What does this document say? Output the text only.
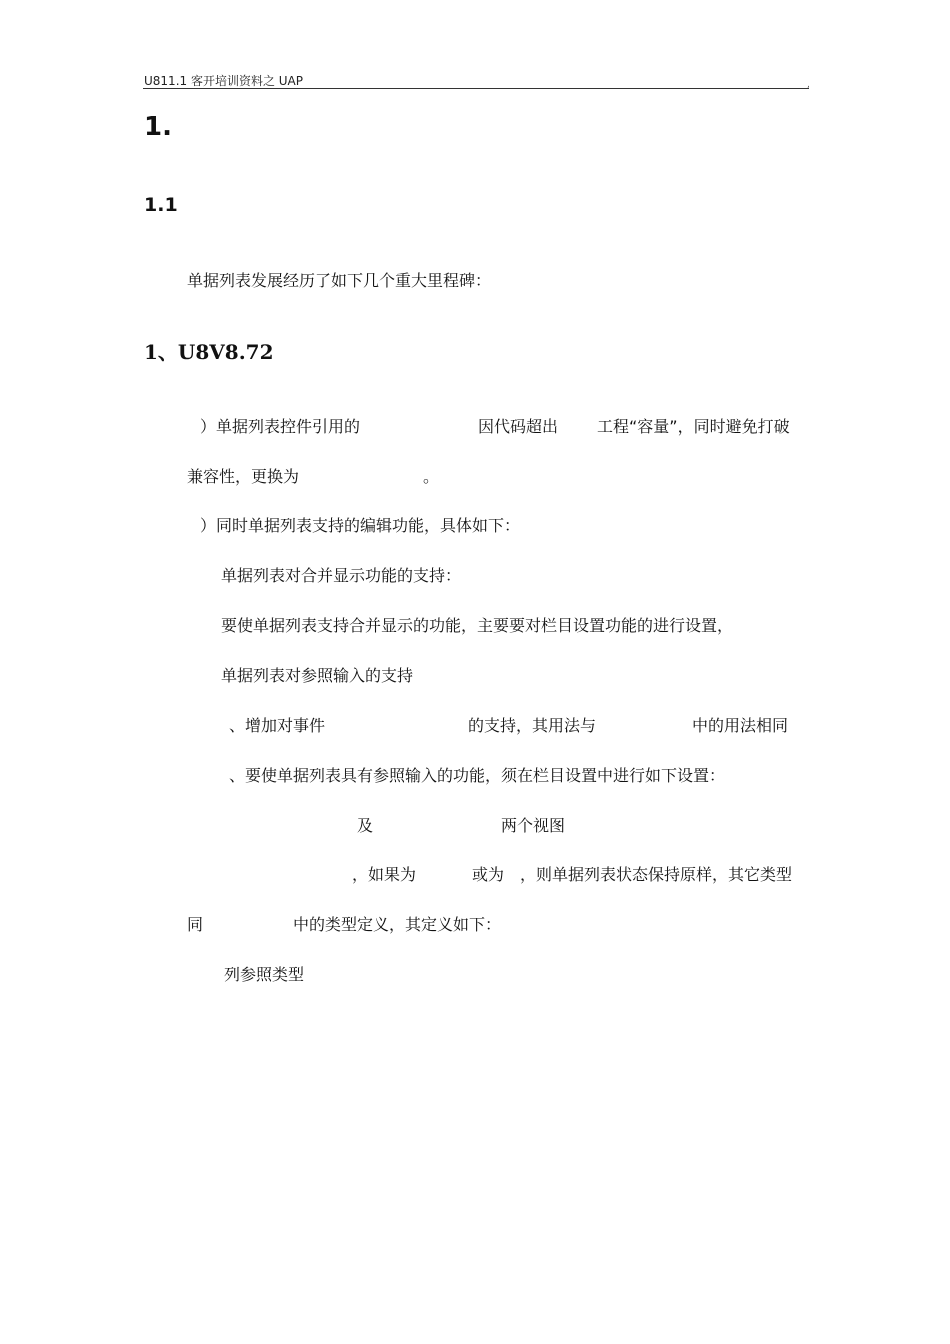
U811.1 客开培训资料之 UAP	,
1.
1.1
单据列表发展经历了如下几个重大里程碑：
1、U8V8.72
）单据列表控件引用的	因代码超出 工程“容量”，同时避免打破
兼容性，更换为	。
）同时单据列表支持的编辑功能，具体如下：
单据列表对合并显示功能的支持：
要使单据列表支持合并显示的功能，主要要对栏目设置功能的进行设置，
单据列表对参照输入的支持
、增加对事件	的支持，其用法与	中的用法相同
、要使单据列表具有参照输入的功能，须在栏目设置中进行如下设置：
及	两个视图
，如果为	或为 ，则单据列表状态保持原样，其它类型
同	中的类型定义，其定义如下：
列参照类型
